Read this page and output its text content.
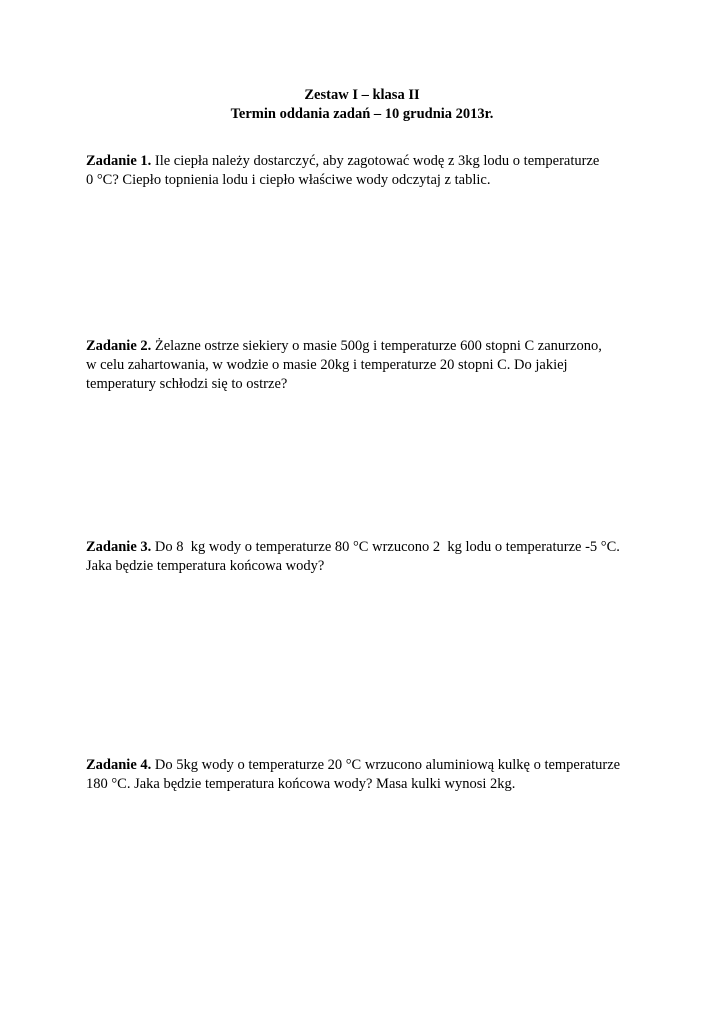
Zestaw I – klasa II
Termin oddania zadań – 10 grudnia 2013r.
Zadanie 1. Ile ciepła należy dostarczyć, aby zagotować wodę z 3kg lodu o temperaturze
0 °C? Ciepło topnienia lodu i ciepło właściwe wody odczytaj z tablic.
Zadanie 2. Żelazne ostrze siekiery o masie 500g i temperaturze 600 stopni C zanurzono,
w celu zahartowania, w wodzie o masie 20kg i temperaturze 20 stopni C. Do jakiej
temperatury schłodzi się to ostrze?
Zadanie 3. Do 8  kg wody o temperaturze 80 °C wrzucono 2  kg lodu o temperaturze -5 °C.
Jaka będzie temperatura końcowa wody?
Zadanie 4. Do 5kg wody o temperaturze 20 °C wrzucono aluminiową kulkę o temperaturze
180 °C. Jaka będzie temperatura końcowa wody? Masa kulki wynosi 2kg.
